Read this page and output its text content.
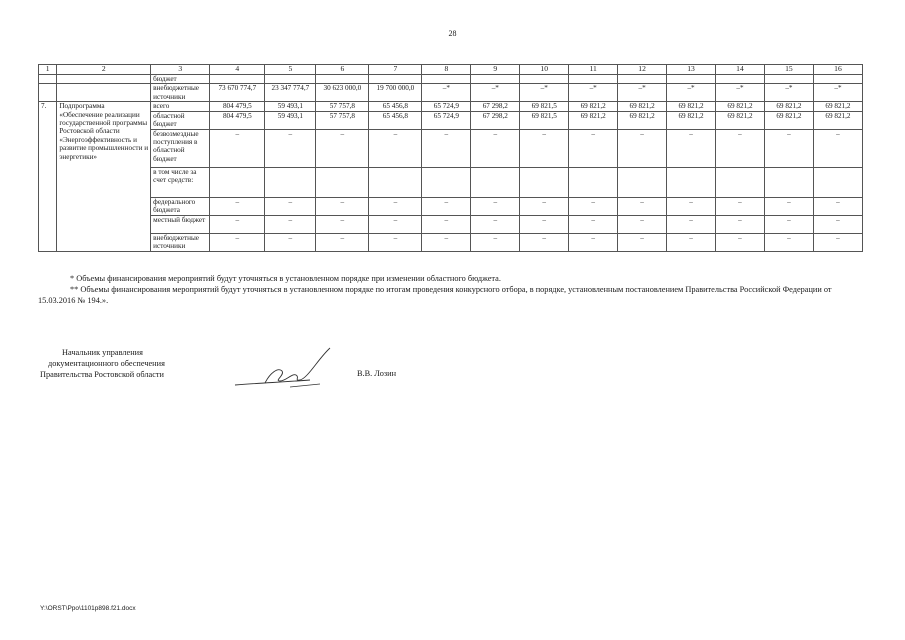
28
1	2	3	4	5	6	7	8	9	10	11	12	13	14	15	16
		бюджет													
		внебюджетные источники	73 670 774,7	23 347 774,7	30 623 000,0	19 700 000,0	–*	–*	–*	–*	–*	–*	–*	–*	–*
7.	Подпрограмма «Обеспечение реализации государственной программы Ростовской области «Энергоэффективность и развитие промышленности и энергетики»	всего	804 479,5	59 493,1	57 757,8	65 456,8	65 724,9	67 298,2	69 821,5	69 821,2	69 821,2	69 821,2	69 821,2	69 821,2	69 821,2
		областной бюджет	804 479,5	59 493,1	57 757,8	65 456,8	65 724,9	67 298,2	69 821,5	69 821,2	69 821,2	69 821,2	69 821,2	69 821,2	69 821,2
		безвозмездные поступления в областной бюджет	–	–	–	–	–	–	–	–	–	–	–	–	–
		в том числе за счет средств:													
		федерального бюджета	–	–	–	–	–	–	–	–	–	–	–	–	–
		местный бюджет	–	–	–	–	–	–	–	–	–	–	–	–	–
		внебюджетные источники	–	–	–	–	–	–	–	–	–	–	–	–	–

* Объемы финансирования мероприятий будут уточняться в установленном порядке при изменении областного бюджета.

** Объемы финансирования мероприятий будут уточняться в установленном порядке по итогам проведения конкурсного отбора, в порядке, установленным постановлением Правительства Российской Федерации от 15.03.2016 № 194.».

Начальник управления
документационного обеспечения
Правительства Ростовской области	В.В. Лозин
Y:\ORST\Ppo\1101p898.f21.docx
